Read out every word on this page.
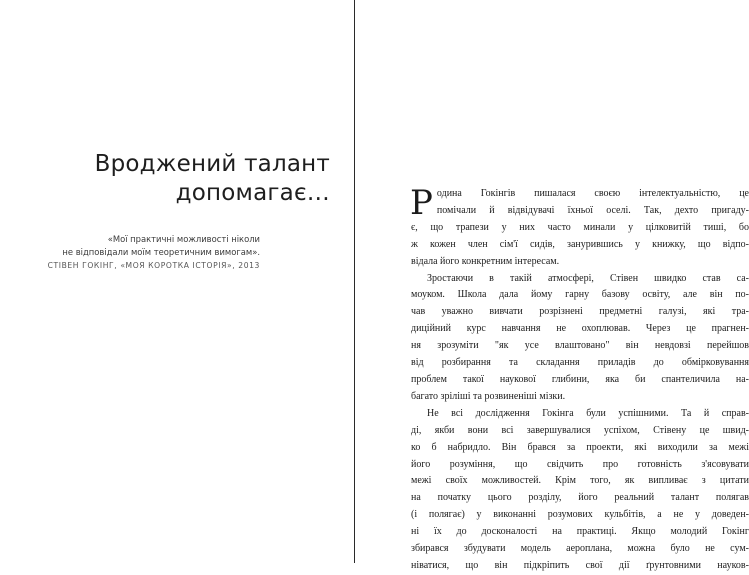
Вроджений талант
допомагає…
«Мої практичні можливості ніколи
не відповідали моїм теоретичним вимогам».
СТІВЕН ГОКІНГ, «МОЯ КОРОТКА ІСТОРІЯ», 2013
Р одина Гокінгів пишалася своєю інтелектуальністю, це
помічали й відвідувачі їхньої оселі. Так, дехто пригаду-
є, що трапези у них часто минали у цілковитій тиші, бо
ж кожен член сім'ї сидів, занурившись у книжку, що відпо-
відала його конкретним інтересам.
Зростаючи в такій атмосфері, Стівен швидко став са-
моуком. Школа дала йому гарну базову освіту, але він по-
чав уважно вивчати розрізнені предметні галузі, які тра-
диційний курс навчання не охоплював. Через це прагнен-
ня зрозуміти "як усе влаштовано" він невдовзі перейшов
від розбирання та складання приладів до обмірковування
проблем такої наукової глибини, яка би спантеличила на-
багато зріліші та розвиненіші мізки.
Не всі дослідження Гокінга були успішними. Та й справ-
ді, якби вони всі завершувалися успіхом, Стівену це швид-
ко б набридло. Він брався за проекти, які виходили за межі
його розуміння, що свідчить про готовність з'ясовувати
межі своїх можливостей. Крім того, як випливає з цитати
на початку цього розділу, його реальний талант полягав
(і полягає) у виконанні розумових кульбітів, а не у доведен-
ні їх до досконалості на практиці. Якщо молодий Гокінг
збирався збудувати модель аероплана, можна було не сум-
ніватися, що він підкріпить свої дії ґрунтовними науков-
